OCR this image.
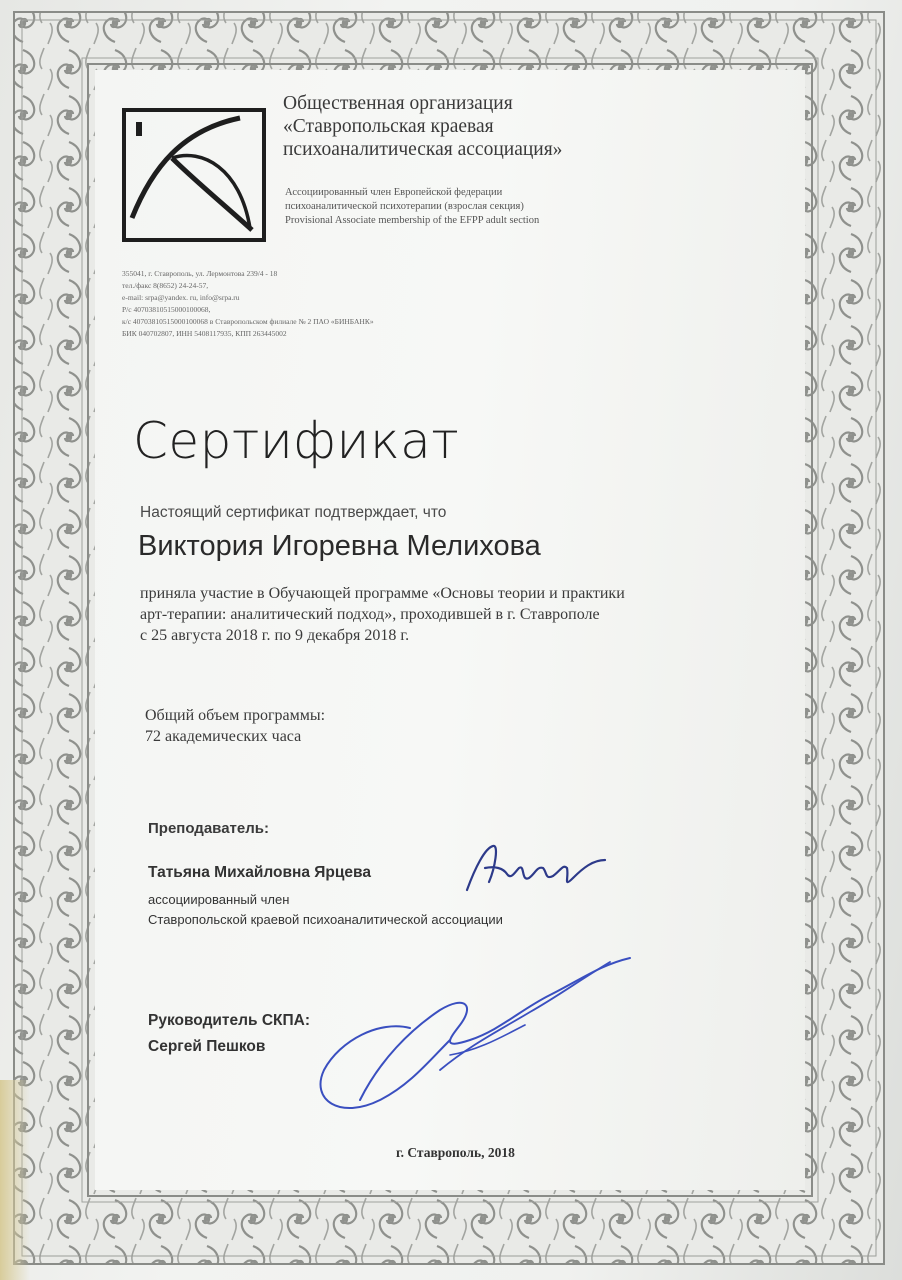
Общественная организация
«Ставропольская краевая
психоаналитическая ассоциация»
Ассоциированный член Европейской федерации
психоаналитической психотерапии (взрослая секция)
Provisional Associate membership of the EFPP adult section
355041, г. Ставрополь, ул. Лермонтова 239/4 - 18
тел./факс 8(8652) 24-24-57,
e-mail: srpa@yandex. ru, info@srpa.ru
Р/с 40703810515000100068,
к/с 40703810515000100068 в Ставропольском филиале № 2 ПАО «БИНБАНК»
БИК 040702807, ИНН 5408117935, КПП 263445002
Сертификат
Настоящий сертификат подтверждает, что
Виктория Игоревна Мелихова
приняла участие в Обучающей программе «Основы теории и практики
арт-терапии: аналитический подход», проходившей в г. Ставрополе
с 25 августа 2018 г. по 9 декабря 2018 г.
Общий объем программы:
72 академических часа
Преподаватель:
Татьяна Михайловна Ярцева
ассоциированный член
Ставропольской краевой психоаналитической ассоциации
Руководитель СКПА:
Сергей Пешков
г. Ставрополь, 2018
